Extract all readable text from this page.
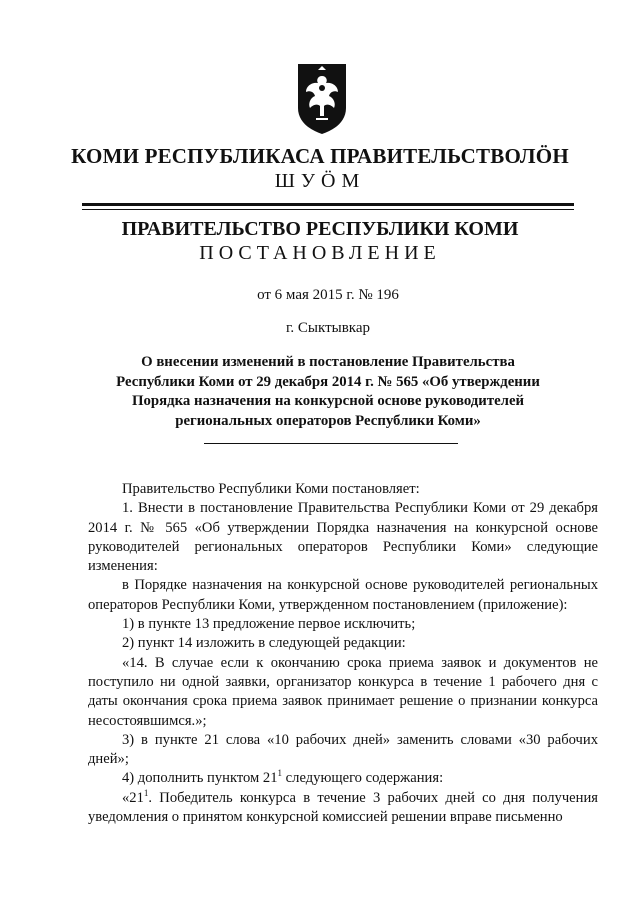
КОМИ РЕСПУБЛИКАСА ПРАВИТЕЛЬСТВОЛÖН
ШУÖМ
ПРАВИТЕЛЬСТВО РЕСПУБЛИКИ КОМИ
ПОСТАНОВЛЕНИЕ
от 6 мая 2015 г. № 196
г. Сыктывкар
О внесении изменений в постановление Правительства
Республики Коми от 29 декабря 2014 г. № 565 «Об утверждении
Порядка назначения на конкурсной основе руководителей
региональных операторов Республики Коми»

Правительство Республики Коми постановляет:

1. Внести в постановление Правительства Республики Коми от 29 декабря 2014 г. № 565 «Об утверждении Порядка назначения на конкурсной основе руководителей региональных операторов Республики Коми» следующие изменения:

в Порядке назначения на конкурсной основе руководителей региональных операторов Республики Коми, утвержденном постановлением (приложение):

1) в пункте 13 предложение первое исключить;

2) пункт 14 изложить в следующей редакции:

«14. В случае если к окончанию срока приема заявок и документов не поступило ни одной заявки, организатор конкурса в течение 1 рабочего дня с даты окончания срока приема заявок принимает решение о признании конкурса несостоявшимся.»;

3) в пункте 21 слова «10 рабочих дней» заменить словами «30 рабочих дней»;

4) дополнить пунктом $21^1$ следующего содержания:

«$21^1$. Победитель конкурса в течение 3 рабочих дней со дня получения уведомления о принятом конкурсной комиссией решении вправе письменно
